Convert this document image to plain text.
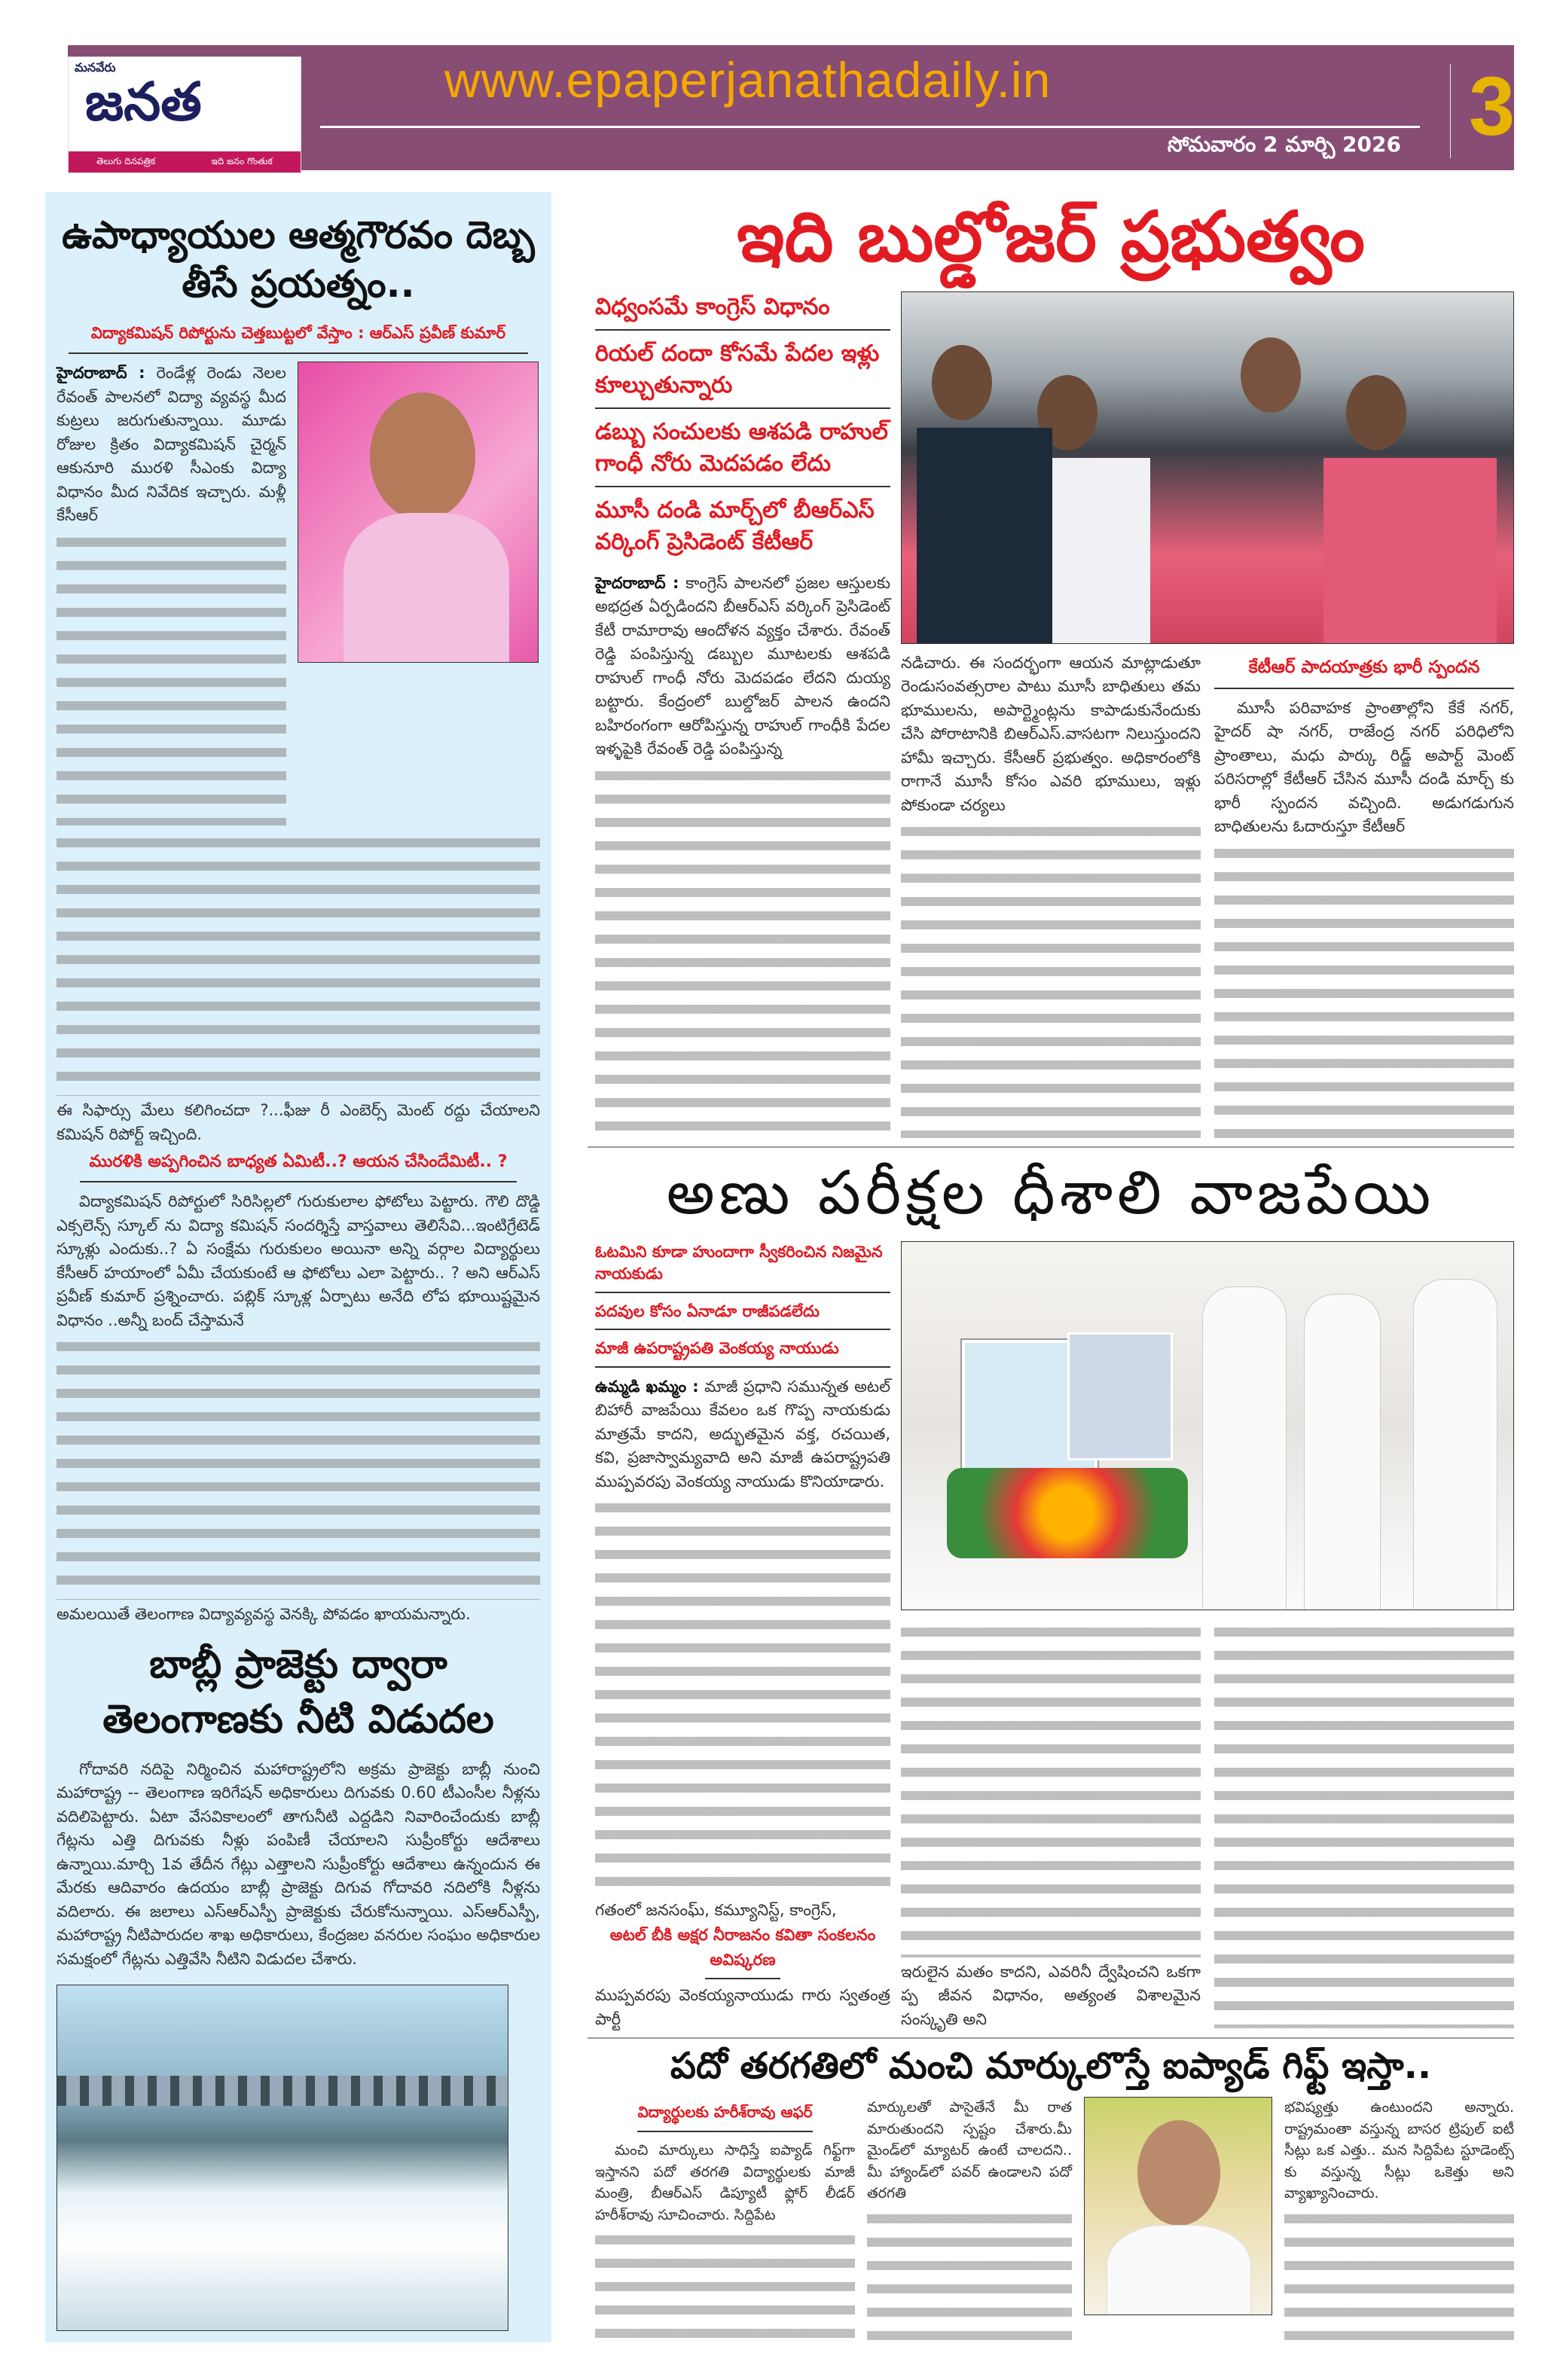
మనవేరు
జనత
తెలుగు దినపత్రిక	ఇది జనం గొంతుక
www.epaperjanathadaily.in
సోమవారం 2 మార్చి 2026 3
ఉపాధ్యాయుల ఆత్మగౌరవం దెబ్బ తీసే ప్రయత్నం..
విద్యాకమిషన్ రిపోర్టును చెత్తబుట్టలో వేస్తాం : ఆర్ఎస్ ప్రవీణ్ కుమార్
హైదరాబాద్ : రెండేళ్ల రెండు నెలల రేవంత్ పాలనలో విద్యా వ్యవస్థ మీద కుట్రలు జరుగుతున్నాయి. మూడు రోజుల క్రితం విద్యాకమిషన్ చైర్మన్ ఆకునూరి మురళి సీఎంకు విద్యా విధానం మీద నివేదిక ఇచ్చారు. మళ్లీ కేసీఆర్
ఈ సిఫార్సు మేలు కలిగించదా ?...ఫీజు రీ ఎంబెర్స్ మెంట్ రద్దు చేయాలని కమిషన్ రిపోర్ట్ ఇచ్చింది.
మురళికి అప్పగించిన బాధ్యత ఏమిటీ..? ఆయన చేసిందేమిటీ.. ?
విద్యాకమిషన్ రిపోర్టులో సిరిసిల్లలో గురుకులాల ఫోటోలు పెట్టారు. గౌలి దొడ్డి ఎక్సలెన్స్ స్కూల్ ను విద్యా కమిషన్ సందర్శిస్తే వాస్తవాలు తెలిసేవి...ఇంటిగ్రేటెడ్ స్కూళ్లు ఎందుకు..? ఏ సంక్షేమ గురుకులం అయినా అన్ని వర్గాల విద్యార్థులు కేసీఆర్ హయాంలో ఏమీ చేయకుంటే ఆ ఫోటోలు ఎలా పెట్టారు.. ? అని ఆర్ఎస్ ప్రవీణ్ కుమార్ ప్రశ్నించారు. పబ్లిక్ స్కూళ్ల ఏర్పాటు అనేది లోప భూయిష్టమైన విధానం ..అన్నీ బంద్ చేస్తామనే
అమలయితే తెలంగాణ విద్యావ్యవస్థ వెనక్కి పోవడం ఖాయమన్నారు.
బాబ్లీ ప్రాజెక్టు ద్వారా తెలంగాణకు నీటి విడుదల
గోదావరి నదిపై నిర్మించిన మహారాష్ట్రలోని అక్రమ ప్రాజెక్టు బాబ్లీ నుంచి మహారాష్ట్ర -- తెలంగాణ ఇరిగేషన్ అధికారులు దిగువకు 0.60 టీఎంసీల నీళ్లను వదిలిపెట్టారు. ఏటా వేసవికాలంలో తాగునీటి ఎద్దడిని నివారించేందుకు బాబ్లీ గేట్లను ఎత్తి దిగువకు నీళ్లు పంపిణీ చేయాలని సుప్రీంకోర్టు ఆదేశాలు ఉన్నాయి.మార్చి 1వ తేదీన గేట్లు ఎత్తాలని సుప్రీంకోర్టు ఆదేశాలు ఉన్నందున ఈ మేరకు ఆదివారం ఉదయం బాబ్లీ ప్రాజెక్టు దిగువ గోదావరి నదిలోకి నీళ్లను వదిలారు. ఈ జలాలు ఎస్ఆర్ఎస్పీ ప్రాజెక్టుకు చేరుకోనున్నాయి. ఎస్ఆర్ఎస్పీ, మహారాష్ట్ర నీటిపారుదల శాఖ అధికారులు, కేంద్రజల వనరుల సంఘం అధికారుల సమక్షంలో గేట్లను ఎత్తివేసి నీటిని విడుదల చేశారు.
ఇది బుల్డోజర్ ప్రభుత్వం
విధ్వంసమే కాంగ్రెస్ విధానం
రియల్ దందా కోసమే పేదల ఇళ్లు కూల్చుతున్నారు
డబ్బు సంచులకు ఆశపడి రాహుల్ గాంధీ నోరు మెదపడం లేదు
మూసీ దండి మార్చ్‌లో బీఆర్ఎస్ వర్కింగ్ ప్రెసిడెంట్ కేటీఆర్
హైదరాబాద్ : కాంగ్రెస్ పాలనలో ప్రజల ఆస్తులకు అభద్రత ఏర్పడిందని బీఆర్ఎస్ వర్కింగ్ ప్రెసిడెంట్ కేటీ రామారావు ఆందోళన వ్యక్తం చేశారు. రేవంత్ రెడ్డి పంపిస్తున్న డబ్బుల మూటలకు ఆశపడి రాహుల్ గాంధీ నోరు మెదపడం లేదని దుయ్య బట్టారు. కేంద్రంలో బుల్డోజర్ పాలన ఉందని బహిరంగంగా ఆరోపిస్తున్న రాహుల్ గాంధీకి పేదల ఇళ్ళపైకి రేవంత్ రెడ్డి పంపిస్తున్న
నడిచారు. ఈ సందర్భంగా ఆయన మాట్లాడుతూ రెండుసంవత్సరాల పాటు మూసీ బాధితులు తమ భూములను, అపార్ట్మెంట్లను కాపాడుకునేందుకు చేసి పోరాటానికి బిఆర్ఎస్.వాసటగా నిలుస్తుందని హామీ ఇచ్చారు. కేసీఆర్ ప్రభుత్వం. అధికారంలోకి రాగానే మూసీ కోసం ఎవరి భూములు, ఇళ్లు పోకుండా చర్యలు
కేటీఆర్ పాదయాత్రకు భారీ స్పందన
మూసీ పరివాహక ప్రాంతాల్లోని కేకే నగర్, హైదర్ షా నగర్, రాజేంద్ర నగర్ పరిధిలోని ప్రాంతాలు, మధు పార్కు రిడ్జ్ అపార్ట్ మెంట్ పరిసరాల్లో కేటీఆర్ చేసిన మూసీ దండి మార్చ్ కు భారీ స్పందన వచ్చింది. అడుగడుగున బాధితులను ఓదారుస్తూ కేటీఆర్
అణు పరీక్షల ధీశాలి వాజపేయి
ఓటమిని కూడా హుందాగా స్వీకరించిన నిజమైన నాయకుడు
పదవుల కోసం ఏనాడూ రాజీపడలేదు
మాజీ ఉపరాష్ట్రపతి వెంకయ్య నాయుడు
ఉమ్మడి ఖమ్మం : మాజీ ప్రధాని సమున్నత అటల్ బిహారీ వాజపేయి కేవలం ఒక గొప్ప నాయకుడు మాత్రమే కాదని, అద్భుతమైన వక్త, రచయిత, కవి, ప్రజాస్వామ్యవాది అని మాజీ ఉపరాష్ట్రపతి ముప్పవరపు వెంకయ్య నాయుడు కొనియాడారు.
గతంలో జనసంఘ్, కమ్యూనిస్ట్, కాంగ్రెస్,
అటల్ బీకి అక్షర నీరాజనం కవితా సంకలనం అవిష్కరణ
ముప్పవరపు వెంకయ్యనాయుడు గారు స్వతంత్ర పార్టీ
ఇరులైన మతం కాదని, ఎవరినీ ద్వేషించని ఒకగా ప్ప జీవన విధానం, అత్యంత విశాలమైన సంస్కృతి అని
పదో తరగతిలో మంచి మార్కులొస్తే ఐప్యాడ్ గిఫ్ట్ ఇస్తా..
విద్యార్థులకు హరీశ్‌రావు ఆఫర్
మంచి మార్కులు సాధిస్తే ఐప్యాడ్ గిఫ్ట్‌గా ఇస్తానని పదో తరగతి విద్యార్థులకు మాజీ మంత్రి, బీఆర్ఎస్ డిప్యూటీ ఫ్లోర్ లీడర్ హరీశ్‌రావు సూచించారు. సిద్దిపేట
మార్కులతో పాసైతేనే మీ రాత మారుతుందని స్పష్టం చేశారు.మీ మైండ్‌లో మ్యాటర్ ఉంటే చాలదని.. మీ హ్యాండ్‌లో పవర్ ఉండాలని పదో తరగతి
భవిష్యత్తు ఉంటుందని అన్నారు. రాష్ట్రమంతా వస్తున్న బాసర ట్రిపుల్ ఐటీ సీట్లు ఒక ఎత్తు.. మన సిద్దిపేట స్టూడెంట్స్ కు వస్తున్న సీట్లు ఒకెత్తు అని వ్యాఖ్యానించారు.
